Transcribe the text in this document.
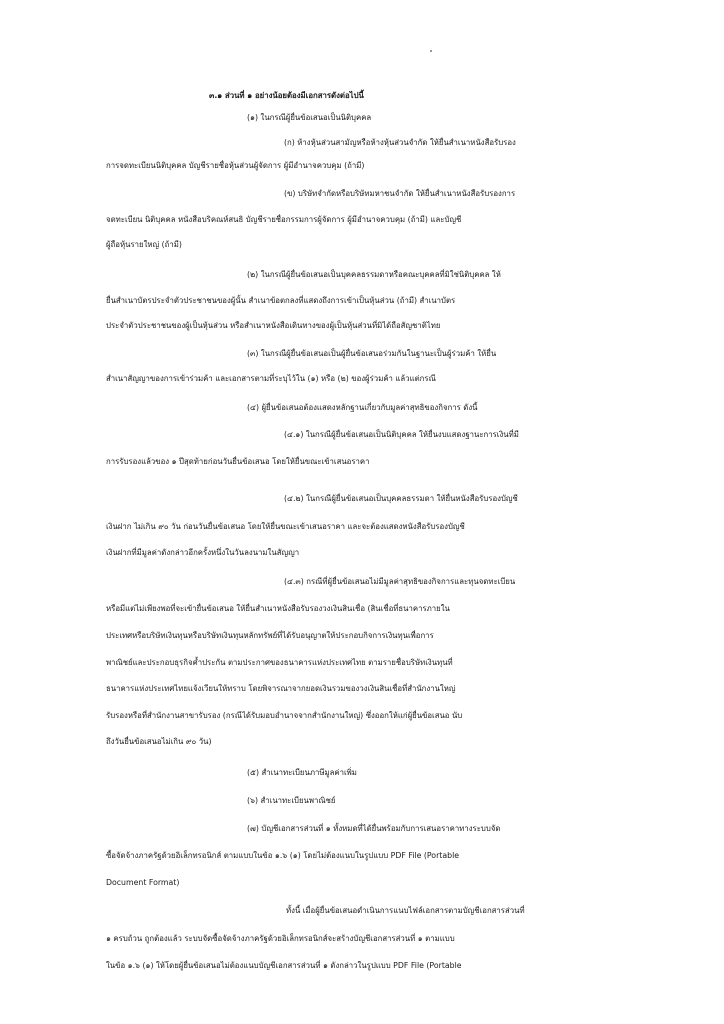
๓.๑ ส่วนที่ ๑ อย่างน้อยต้องมีเอกสารดังต่อไปนี้

(๑) ในกรณีผู้ยื่นข้อเสนอเป็นนิติบุคคล

(ก) ห้างหุ้นส่วนสามัญหรือห้างหุ้นส่วนจำกัด ให้ยื่นสำเนาหนังสือรับรอง

การจดทะเบียนนิติบุคคล บัญชีรายชื่อหุ้นส่วนผู้จัดการ ผู้มีอำนาจควบคุม (ถ้ามี)

(ข) บริษัทจำกัดหรือบริษัทมหาชนจำกัด ให้ยื่นสำเนาหนังสือรับรองการ

จดทะเบียน นิติบุคคล หนังสือบริคณห์สนธิ บัญชีรายชื่อกรรมการผู้จัดการ ผู้มีอำนาจควบคุม (ถ้ามี) และบัญชี

ผู้ถือหุ้นรายใหญ่ (ถ้ามี)

(๒) ในกรณีผู้ยื่นข้อเสนอเป็นบุคคลธรรมดาหรือคณะบุคคลที่มิใช่นิติบุคคล ให้

ยื่นสำเนาบัตรประจำตัวประชาชนของผู้นั้น สำเนาข้อตกลงที่แสดงถึงการเข้าเป็นหุ้นส่วน (ถ้ามี) สำเนาบัตร

ประจำตัวประชาชนของผู้เป็นหุ้นส่วน หรือสำเนาหนังสือเดินทางของผู้เป็นหุ้นส่วนที่มิได้ถือสัญชาติไทย

(๓) ในกรณีผู้ยื่นข้อเสนอเป็นผู้ยื่นข้อเสนอร่วมกันในฐานะเป็นผู้ร่วมค้า ให้ยื่น

สำเนาสัญญาของการเข้าร่วมค้า และเอกสารตามที่ระบุไว้ใน (๑) หรือ (๒) ของผู้ร่วมค้า แล้วแต่กรณี

(๔) ผู้ยื่นข้อเสนอต้องแสดงหลักฐานเกี่ยวกับมูลค่าสุทธิของกิจการ ดังนี้

(๔.๑) ในกรณีผู้ยื่นข้อเสนอเป็นนิติบุคคล ให้ยื่นงบแสดงฐานะการเงินที่มี

การรับรองแล้วของ ๑ ปีสุดท้ายก่อนวันยื่นข้อเสนอ โดยให้ยื่นขณะเข้าเสนอราคา

(๔.๒) ในกรณีผู้ยื่นข้อเสนอเป็นบุคคลธรรมดา ให้ยื่นหนังสือรับรองบัญชี

เงินฝาก ไม่เกิน ๙๐ วัน ก่อนวันยื่นข้อเสนอ โดยให้ยื่นขณะเข้าเสนอราคา และจะต้องแสดงหนังสือรับรองบัญชี

เงินฝากที่มีมูลค่าดังกล่าวอีกครั้งหนึ่งในวันลงนามในสัญญา

(๔.๓) กรณีที่ผู้ยื่นข้อเสนอไม่มีมูลค่าสุทธิของกิจการและทุนจดทะเบียน

หรือมีแต่ไม่เพียงพอที่จะเข้ายื่นข้อเสนอ ให้ยื่นสำเนาหนังสือรับรองวงเงินสินเชื่อ (สินเชื่อที่ธนาคารภายใน

ประเทศหรือบริษัทเงินทุนหรือบริษัทเงินทุนหลักทรัพย์ที่ได้รับอนุญาตให้ประกอบกิจการเงินทุนเพื่อการ

พาณิชย์และประกอบธุรกิจค้ำประกัน ตามประกาศของธนาคารแห่งประเทศไทย ตามรายชื่อบริษัทเงินทุนที่

ธนาคารแห่งประเทศไทยแจ้งเวียนให้ทราบ โดยพิจารณาจากยอดเงินรวมของวงเงินสินเชื่อที่สำนักงานใหญ่

รับรองหรือที่สำนักงานสาขารับรอง (กรณีได้รับมอบอำนาจจากสำนักงานใหญ่) ซึ่งออกให้แก่ผู้ยื่นข้อเสนอ นับ

ถึงวันยื่นข้อเสนอไม่เกิน ๙๐ วัน)

(๕) สำเนาทะเบียนภาษีมูลค่าเพิ่ม

(๖) สำเนาทะเบียนพาณิชย์

(๗) บัญชีเอกสารส่วนที่ ๑ ทั้งหมดที่ได้ยื่นพร้อมกับการเสนอราคาทางระบบจัด

ซื้อจัดจ้างภาครัฐด้วยอิเล็กทรอนิกส์ ตามแบบในข้อ ๑.๖ (๑) โดยไม่ต้องแนบในรูปแบบ PDF File (Portable

Document Format)

ทั้งนี้ เมื่อผู้ยื่นข้อเสนอดำเนินการแนบไฟล์เอกสารตามบัญชีเอกสารส่วนที่

๑ ครบถ้วน ถูกต้องแล้ว ระบบจัดซื้อจัดจ้างภาครัฐด้วยอิเล็กทรอนิกส์จะสร้างบัญชีเอกสารส่วนที่ ๑ ตามแบบ

ในข้อ ๑.๖ (๑) ให้โดยผู้ยื่นข้อเสนอไม่ต้องแนบบัญชีเอกสารส่วนที่ ๑ ดังกล่าวในรูปแบบ PDF File (Portable
